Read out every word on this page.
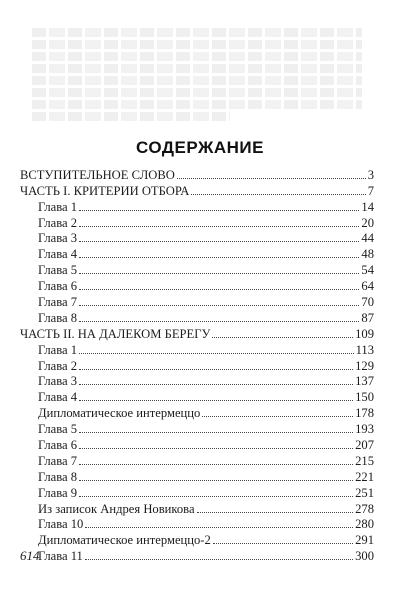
СОДЕРЖАНИЕ
ВСТУПИТЕЛЬНОЕ СЛОВО	3
ЧАСТЬ I. КРИТЕРИИ ОТБОРА	7
Глава 1	14
Глава 2	20
Глава 3	44
Глава 4	48
Глава 5	54
Глава 6	64
Глава 7	70
Глава 8	87
ЧАСТЬ II. НА ДАЛЕКОМ БЕРЕГУ	109
Глава 1	113
Глава 2	129
Глава 3	137
Глава 4	150
Дипломатическое интермеццо	178
Глава 5	193
Глава 6	207
Глава 7	215
Глава 8	221
Глава 9	251
Из записок Андрея Новикова	278
Глава 10	280
Дипломатическое интермеццо-2	291
Глава 11	300
614
